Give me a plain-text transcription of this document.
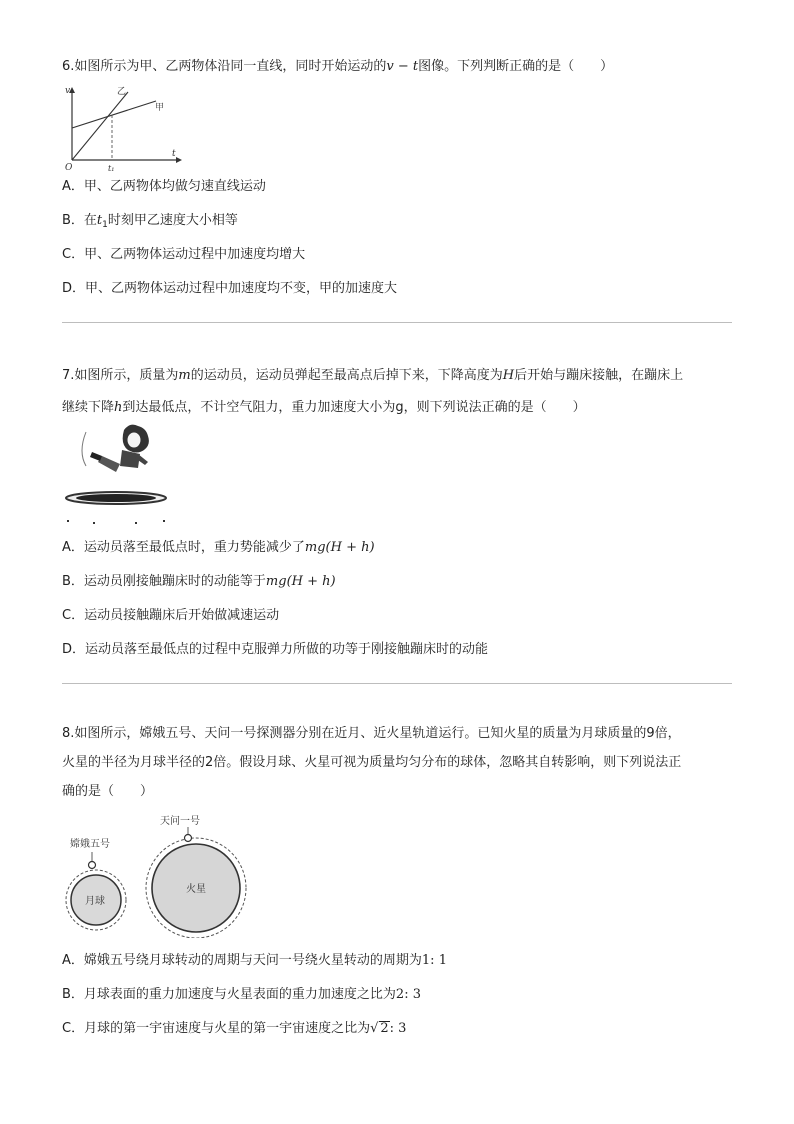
6.如图所示为甲、乙两物体沿同一直线，同时开始运动的v − t图像。下列判断正确的是（　　）

v
t
O	t₁
乙
甲

A．甲、乙两物体均做匀速直线运动

B．在$t_1$时刻甲乙速度大小相等

C．甲、乙两物体运动过程中加速度均增大

D．甲、乙两物体运动过程中加速度均不变，甲的加速度大

7.如图所示，质量为m的运动员，运动员弹起至最高点后掉下来，下降高度为H后开始与蹦床接触，在蹦床上
继续下降h到达最低点，不计空气阻力，重力加速度大小为g，则下列说法正确的是（　　）

A．运动员落至最低点时，重力势能减少了mg(H + h)

B．运动员刚接触蹦床时的动能等于mg(H + h)

C．运动员接触蹦床后开始做减速运动

D．运动员落至最低点的过程中克服弹力所做的功等于刚接触蹦床时的动能

8.如图所示，嫦娥五号、天问一号探测器分别在近月、近火星轨道运行。已知火星的质量为月球质量的9倍，
火星的半径为月球半径的2倍。假设月球、火星可视为质量均匀分布的球体，忽略其自转影响，则下列说法正
确的是（　　）

嫦娥五号
月球
天问一号
火星

A．嫦娥五号绕月球转动的周期与天问一号绕火星转动的周期为1: 1

B．月球表面的重力加速度与火星表面的重力加速度之比为2: 3

C．月球的第一宇宙速度与火星的第一宇宙速度之比为√ 2: 3
